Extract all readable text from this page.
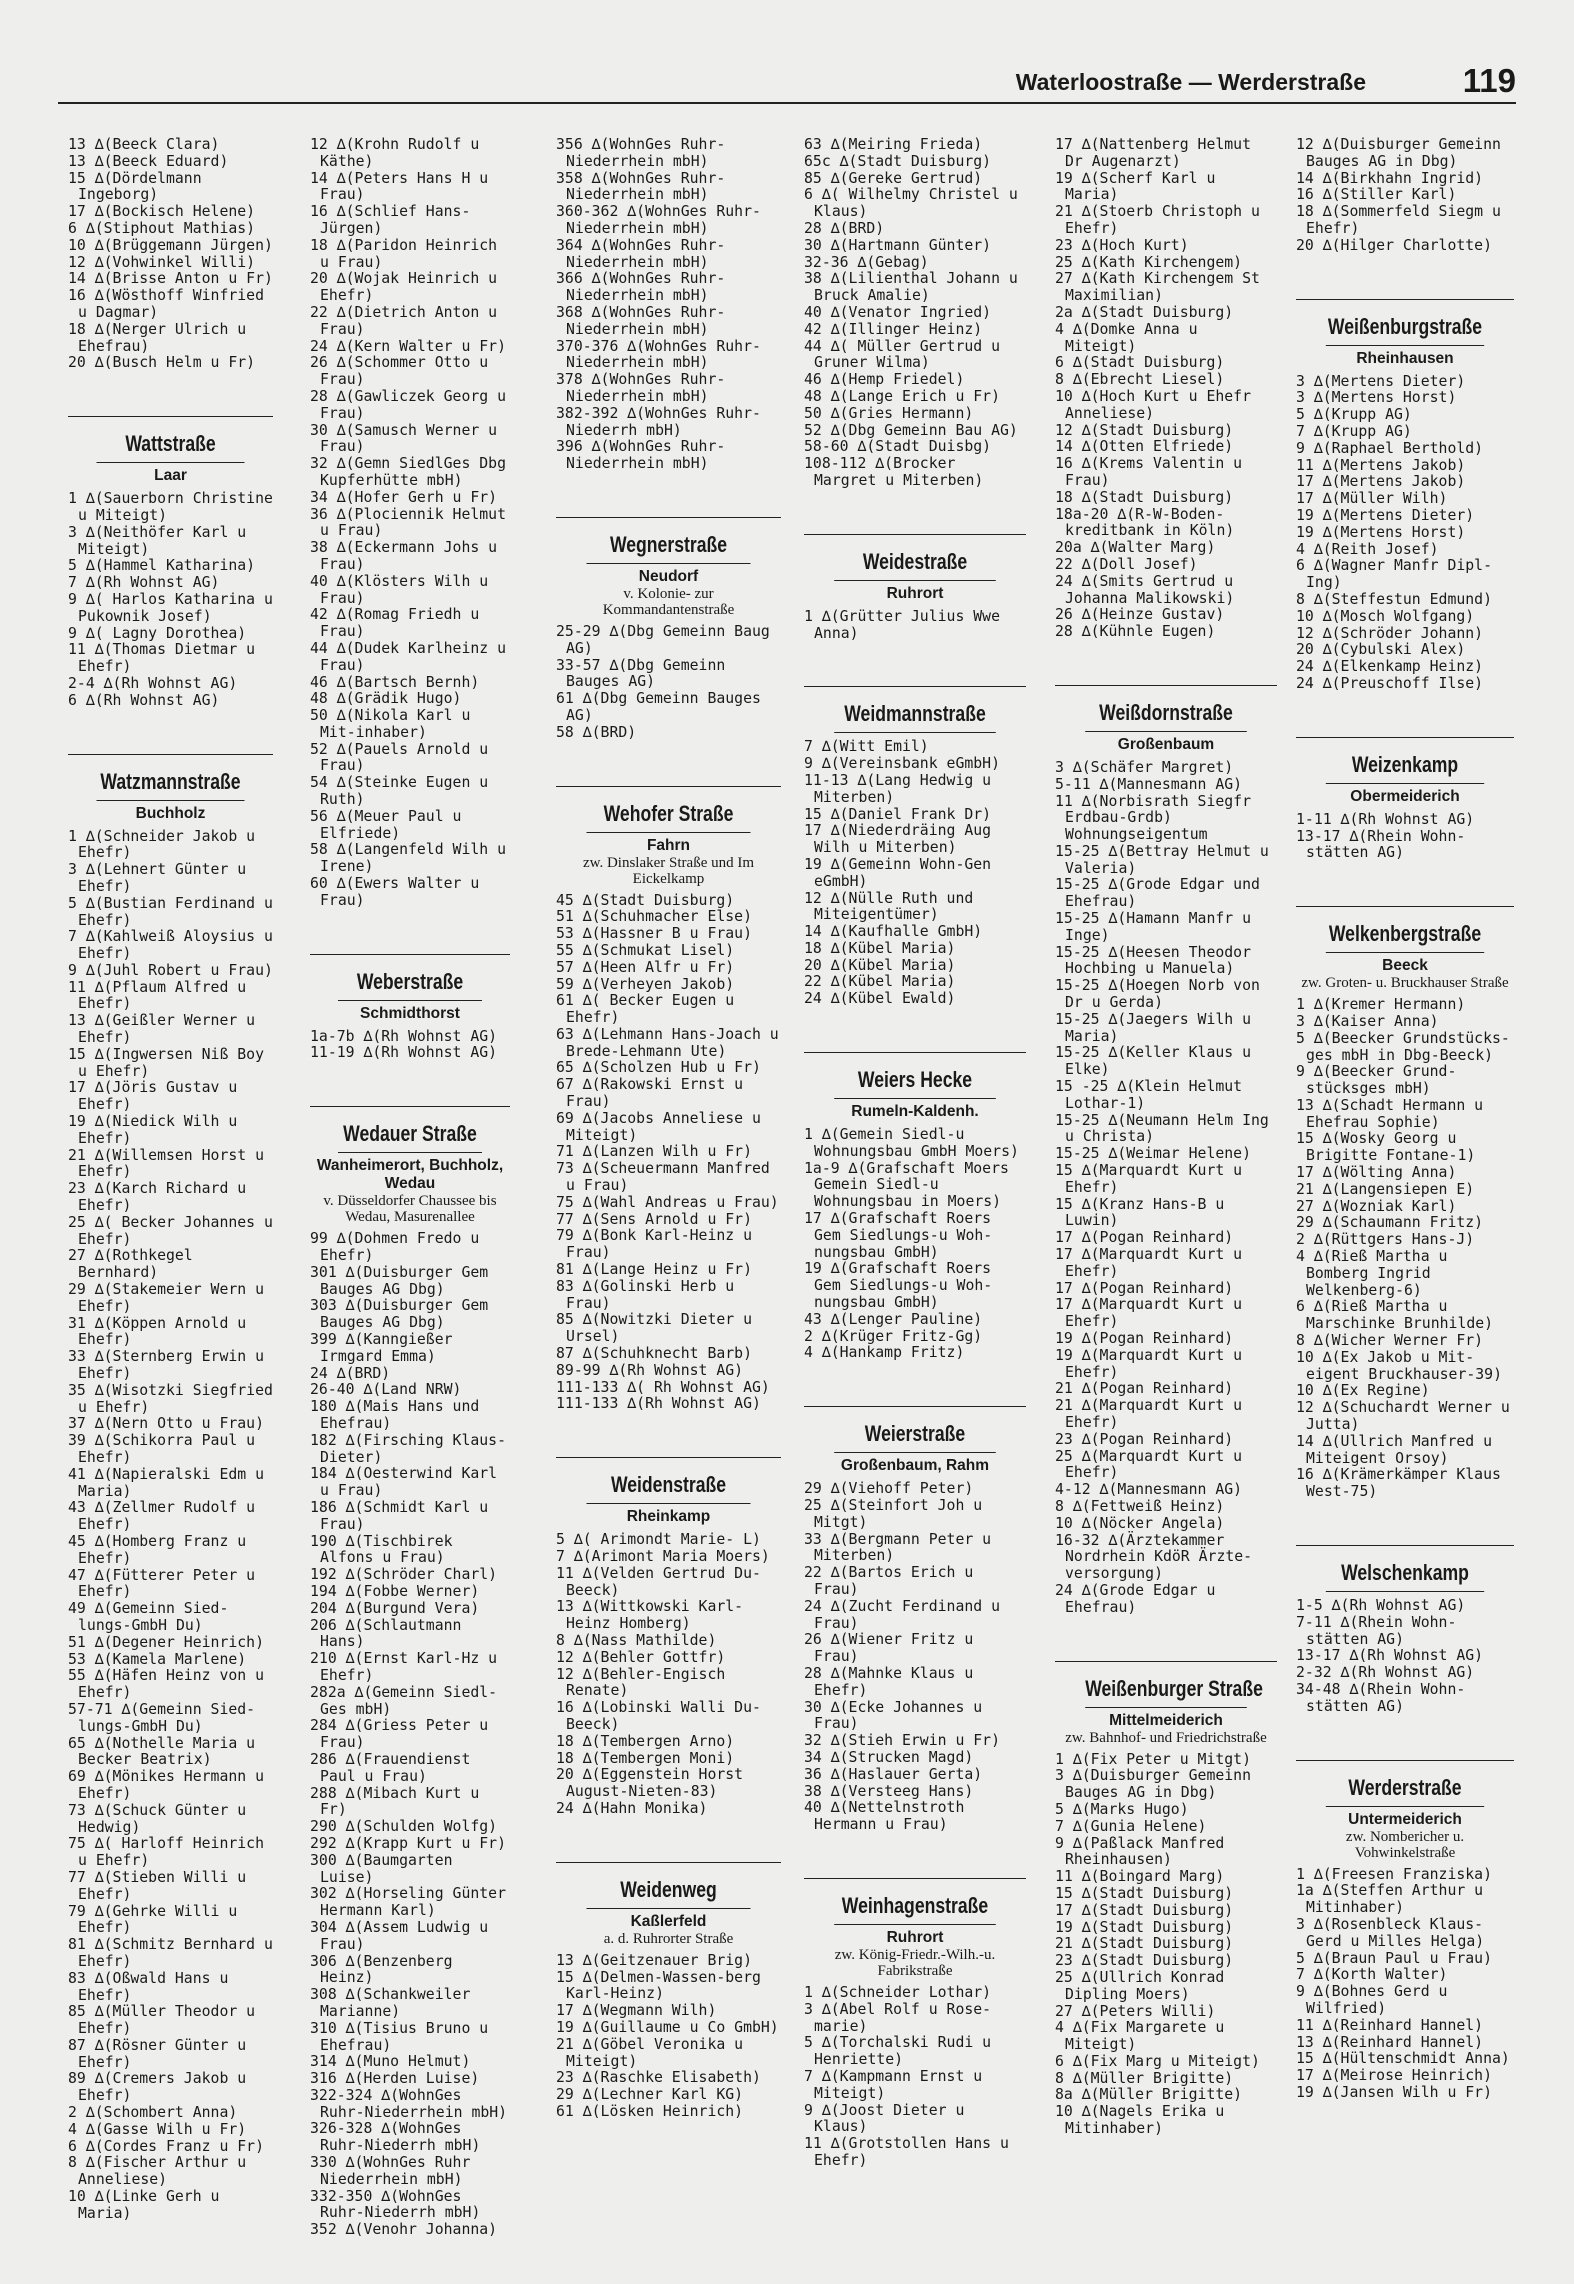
Waterloostraße — Werderstraße	119
13 ∆(Beeck Clara)
13 ∆(Beeck Eduard)
15 ∆(Dördelmann Ingeborg)
17 ∆(Bockisch Helene)
6 ∆(Stiphout Mathias)
10 ∆(Brüggemann Jürgen)
12 ∆(Vohwinkel Willi)
14 ∆(Brisse Anton u Fr)
16 ∆(Wösthoff Winfried u Dagmar)
18 ∆(Nerger Ulrich u Ehefrau)
20 ∆(Busch Helm u Fr)
Wattstraße
Laar
1 ∆(Sauerborn Christine u Miteigt)
3 ∆(Neithöfer Karl u Miteigt)
5 ∆(Hammel Katharina)
7 ∆(Rh Wohnst AG)
9 ∆( Harlos Katharina u Pukownik Josef)
9 ∆( Lagny Dorothea)
11 ∆(Thomas Dietmar u Ehefr)
2-4 ∆(Rh Wohnst AG)
6 ∆(Rh Wohnst AG)
Watzmannstraße
Buchholz
1 ∆(Schneider Jakob u Ehefr)
3 ∆(Lehnert Günter u Ehefr)
5 ∆(Bustian Ferdinand u Ehefr)
7 ∆(Kahlweiß Aloysius u Ehefr)
9 ∆(Juhl Robert u Frau)
11 ∆(Pflaum Alfred u Ehefr)
13 ∆(Geißler Werner u Ehefr)
15 ∆(Ingwersen Niß Boy u Ehefr)
17 ∆(Jöris Gustav u Ehefr)
19 ∆(Niedick Wilh u Ehefr)
21 ∆(Willemsen Horst u Ehefr)
23 ∆(Karch Richard u Ehefr)
25 ∆( Becker Johannes u Ehefr)
27 ∆(Rothkegel Bernhard)
29 ∆(Stakemeier Wern u Ehefr)
31 ∆(Köppen Arnold u Ehefr)
33 ∆(Sternberg Erwin u Ehefr)
35 ∆(Wisotzki Siegfried u Ehefr)
37 ∆(Nern Otto u Frau)
39 ∆(Schikorra Paul u Ehefr)
41 ∆(Napieralski Edm u Maria)
43 ∆(Zellmer Rudolf u Ehefr)
45 ∆(Homberg Franz u Ehefr)
47 ∆(Fütterer Peter u Ehefr)
49 ∆(Gemeinn Sied-lungs-GmbH Du)
51 ∆(Degener Heinrich)
53 ∆(Kamela Marlene)
55 ∆(Häfen Heinz von u Ehefr)
57-71 ∆(Gemeinn Sied-lungs-GmbH Du)
65 ∆(Nothelle Maria u Becker Beatrix)
69 ∆(Mönikes Hermann u Ehefr)
73 ∆(Schuck Günter u Hedwig)
75 ∆( Harloff Heinrich u Ehefr)
77 ∆(Stieben Willi u Ehefr)
79 ∆(Gehrke Willi u Ehefr)
81 ∆(Schmitz Bernhard u Ehefr)
83 ∆(Oßwald Hans u Ehefr)
85 ∆(Müller Theodor u Ehefr)
87 ∆(Rösner Günter u Ehefr)
89 ∆(Cremers Jakob u Ehefr)
2 ∆(Schombert Anna)
4 ∆(Gasse Wilh u Fr)
6 ∆(Cordes Franz u Fr)
8 ∆(Fischer Arthur u Anneliese)
10 ∆(Linke Gerh u Maria)
12 ∆(Krohn Rudolf u Käthe)
14 ∆(Peters Hans H u Frau)
16 ∆(Schlief Hans-Jürgen)
18 ∆(Paridon Heinrich u Frau)
20 ∆(Wojak Heinrich u Ehefr)
22 ∆(Dietrich Anton u Frau)
24 ∆(Kern Walter u Fr)
26 ∆(Schommer Otto u Frau)
28 ∆(Gawliczek Georg u Frau)
30 ∆(Samusch Werner u Frau)
32 ∆(Gemn SiedlGes Dbg Kupferhütte mbH)
34 ∆(Hofer Gerh u Fr)
36 ∆(Plociennik Helmut u Frau)
38 ∆(Eckermann Johs u Frau)
40 ∆(Klösters Wilh u Frau)
42 ∆(Romag Friedh u Frau)
44 ∆(Dudek Karlheinz u Frau)
46 ∆(Bartsch Bernh)
48 ∆(Grädik Hugo)
50 ∆(Nikola Karl u Mit-inhaber)
52 ∆(Pauels Arnold u Frau)
54 ∆(Steinke Eugen u Ruth)
56 ∆(Meuer Paul u Elfriede)
58 ∆(Langenfeld Wilh u Irene)
60 ∆(Ewers Walter u Frau)
Weberstraße
Schmidthorst
1a-7b ∆(Rh Wohnst AG)
11-19 ∆(Rh Wohnst AG)
Wedauer Straße
Wanheimerort, Buchholz, Wedau
v. Düsseldorfer Chaussee bis Wedau, Masurenallee
99 ∆(Dohmen Fredo u Ehefr)
301 ∆(Duisburger Gem Bauges AG Dbg)
303 ∆(Duisburger Gem Bauges AG Dbg)
399 ∆(Kanngießer Irmgard Emma)
24 ∆(BRD)
26-40 ∆(Land NRW)
180 ∆(Mais Hans und Ehefrau)
182 ∆(Firsching Klaus-Dieter)
184 ∆(Oesterwind Karl u Frau)
186 ∆(Schmidt Karl u Frau)
190 ∆(Tischbirek Alfons u Frau)
192 ∆(Schröder Charl)
194 ∆(Fobbe Werner)
204 ∆(Burgund Vera)
206 ∆(Schlautmann Hans)
210 ∆(Ernst Karl-Hz u Ehefr)
282a ∆(Gemeinn Siedl-Ges mbH)
284 ∆(Griess Peter u Frau)
286 ∆(Frauendienst Paul u Frau)
288 ∆(Mibach Kurt u Fr)
290 ∆(Schulden Wolfg)
292 ∆(Krapp Kurt u Fr)
300 ∆(Baumgarten Luise)
302 ∆(Horseling Günter Hermann Karl)
304 ∆(Assem Ludwig u Frau)
306 ∆(Benzenberg Heinz)
308 ∆(Schankweiler Marianne)
310 ∆(Tisius Bruno u Ehefrau)
314 ∆(Muno Helmut)
316 ∆(Herden Luise)
322-324 ∆(WohnGes Ruhr-Niederrhein mbH)
326-328 ∆(WohnGes Ruhr-Niederrh mbH)
330 ∆(WohnGes Ruhr Niederrhein mbH)
332-350 ∆(WohnGes Ruhr-Niederrh mbH)
352 ∆(Venohr Johanna)
356 ∆(WohnGes Ruhr-Niederrhein mbH)
358 ∆(WohnGes Ruhr-Niederrhein mbH)
360-362 ∆(WohnGes Ruhr-Niederrhein mbH)
364 ∆(WohnGes Ruhr-Niederrhein mbH)
366 ∆(WohnGes Ruhr-Niederrhein mbH)
368 ∆(WohnGes Ruhr-Niederrhein mbH)
370-376 ∆(WohnGes Ruhr-Niederrhein mbH)
378 ∆(WohnGes Ruhr-Niederrhein mbH)
382-392 ∆(WohnGes Ruhr-Niederrh mbH)
396 ∆(WohnGes Ruhr-Niederrhein mbH)
Wegnerstraße
Neudorf
v. Kolonie- zur Kommandantenstraße
25-29 ∆(Dbg Gemeinn Baug AG)
33-57 ∆(Dbg Gemeinn Bauges AG)
61 ∆(Dbg Gemeinn Bauges AG)
58 ∆(BRD)
Wehofer Straße
Fahrn
zw. Dinslaker Straße und Im Eickelkamp
45 ∆(Stadt Duisburg)
51 ∆(Schuhmacher Else)
53 ∆(Hassner B u Frau)
55 ∆(Schmukat Lisel)
57 ∆(Heen Alfr u Fr)
59 ∆(Verheyen Jakob)
61 ∆( Becker Eugen u Ehefr)
63 ∆(Lehmann Hans-Joach u Brede-Lehmann Ute)
65 ∆(Scholzen Hub u Fr)
67 ∆(Rakowski Ernst u Frau)
69 ∆(Jacobs Anneliese u Miteigt)
71 ∆(Lanzen Wilh u Fr)
73 ∆(Scheuermann Manfred u Frau)
75 ∆(Wahl Andreas u Frau)
77 ∆(Sens Arnold u Fr)
79 ∆(Bonk Karl-Heinz u Frau)
81 ∆(Lange Heinz u Fr)
83 ∆(Golinski Herb u Frau)
85 ∆(Nowitzki Dieter u Ursel)
87 ∆(Schuhknecht Barb)
89-99 ∆(Rh Wohnst AG)
111-133 ∆( Rh Wohnst AG)
111-133 ∆(Rh Wohnst AG)
Weidenstraße
Rheinkamp
5 ∆( Arimondt Marie- L)
7 ∆(Arimont Maria Moers)
11 ∆(Velden Gertrud Du-Beeck)
13 ∆(Wittkowski Karl-Heinz Homberg)
8 ∆(Nass Mathilde)
12 ∆(Behler Gottfr)
12 ∆(Behler-Engisch Renate)
16 ∆(Lobinski Walli Du-Beeck)
18 ∆(Tembergen Arno)
18 ∆(Tembergen Moni)
20 ∆(Eggenstein Horst August-Nieten-83)
24 ∆(Hahn Monika)
Weidenweg
Kaßlerfeld
a. d. Ruhrorter Straße
13 ∆(Geitzenauer Brig)
15 ∆(Delmen-Wassen-berg Karl-Heinz)
17 ∆(Wegmann Wilh)
19 ∆(Guillaume u Co GmbH)
21 ∆(Göbel Veronika u Miteigt)
23 ∆(Raschke Elisabeth)
29 ∆(Lechner Karl KG)
61 ∆(Lösken Heinrich)
63 ∆(Meiring Frieda)
65c ∆(Stadt Duisburg)
85 ∆(Gereke Gertrud)
6 ∆( Wilhelmy Christel u Klaus)
28 ∆(BRD)
30 ∆(Hartmann Günter)
32-36 ∆(Gebag)
38 ∆(Lilienthal Johann u Bruck Amalie)
40 ∆(Venator Ingried)
42 ∆(Illinger Heinz)
44 ∆( Müller Gertrud u Gruner Wilma)
46 ∆(Hemp Friedel)
48 ∆(Lange Erich u Fr)
50 ∆(Gries Hermann)
52 ∆(Dbg Gemeinn Bau AG)
58-60 ∆(Stadt Duisbg)
108-112 ∆(Brocker Margret u Miterben)
Weidestraße
Ruhrort
1 ∆(Grütter Julius Wwe Anna)
Weidmannstraße
7 ∆(Witt Emil)
9 ∆(Vereinsbank eGmbH)
11-13 ∆(Lang Hedwig u Miterben)
15 ∆(Daniel Frank Dr)
17 ∆(Niederdräing Aug Wilh u Miterben)
19 ∆(Gemeinn Wohn-Gen eGmbH)
12 ∆(Nülle Ruth und Miteigentümer)
14 ∆(Kaufhalle GmbH)
18 ∆(Kübel Maria)
20 ∆(Kübel Maria)
22 ∆(Kübel Maria)
24 ∆(Kübel Ewald)
Weiers Hecke
Rumeln-Kaldenh.
1 ∆(Gemein Siedl-u Wohnungsbau GmbH Moers)
1a-9 ∆(Grafschaft Moers Gemein Siedl-u Wohnungsbau in Moers)
17 ∆(Grafschaft Roers Gem Siedlungs-u Woh-nungsbau GmbH)
19 ∆(Grafschaft Roers Gem Siedlungs-u Woh-nungsbau GmbH)
43 ∆(Lenger Pauline)
2 ∆(Krüger Fritz-Gg)
4 ∆(Hankamp Fritz)
Weierstraße
Großenbaum, Rahm
29 ∆(Viehoff Peter)
25 ∆(Steinfort Joh u Mitgt)
33 ∆(Bergmann Peter u Miterben)
22 ∆(Bartos Erich u Frau)
24 ∆(Zucht Ferdinand u Frau)
26 ∆(Wiener Fritz u Frau)
28 ∆(Mahnke Klaus u Ehefr)
30 ∆(Ecke Johannes u Frau)
32 ∆(Stieh Erwin u Fr)
34 ∆(Strucken Magd)
36 ∆(Haslauer Gerta)
38 ∆(Versteeg Hans)
40 ∆(Nettelnstroth Hermann u Frau)
Weinhagenstraße
Ruhrort
zw. König-Friedr.-Wilh.-u. Fabrikstraße
1 ∆(Schneider Lothar)
3 ∆(Abel Rolf u Rose-marie)
5 ∆(Torchalski Rudi u Henriette)
7 ∆(Kampmann Ernst u Miteigt)
9 ∆(Joost Dieter u Klaus)
11 ∆(Grotstollen Hans u Ehefr)
17 ∆(Nattenberg Helmut Dr Augenarzt)
19 ∆(Scherf Karl u Maria)
21 ∆(Stoerb Christoph u Ehefr)
23 ∆(Hoch Kurt)
25 ∆(Kath Kirchengem)
27 ∆(Kath Kirchengem St Maximilian)
2a ∆(Stadt Duisburg)
4 ∆(Domke Anna u Miteigt)
6 ∆(Stadt Duisburg)
8 ∆(Ebrecht Liesel)
10 ∆(Hoch Kurt u Ehefr Anneliese)
12 ∆(Stadt Duisburg)
14 ∆(Otten Elfriede)
16 ∆(Krems Valentin u Frau)
18 ∆(Stadt Duisburg)
18a-20 ∆(R-W-Boden-kreditbank in Köln)
20a ∆(Walter Marg)
22 ∆(Doll Josef)
24 ∆(Smits Gertrud u Johanna Malikowski)
26 ∆(Heinze Gustav)
28 ∆(Kühnle Eugen)
Weißdornstraße
Großenbaum
3 ∆(Schäfer Margret)
5-11 ∆(Mannesmann AG)
11 ∆(Norbisrath Siegfr Erdbau-Grdb) Wohnungseigentum
15-25 ∆(Bettray Helmut u Valeria)
15-25 ∆(Grode Edgar und Ehefrau)
15-25 ∆(Hamann Manfr u Inge)
15-25 ∆(Heesen Theodor Hochbing u Manuela)
15-25 ∆(Hoegen Norb von Dr u Gerda)
15-25 ∆(Jaegers Wilh u Maria)
15-25 ∆(Keller Klaus u Elke)
15 -25 ∆(Klein Helmut Lothar-1)
15-25 ∆(Neumann Helm Ing u Christa)
15-25 ∆(Weimar Helene)
15 ∆(Marquardt Kurt u Ehefr)
15 ∆(Kranz Hans-B u Luwin)
17 ∆(Pogan Reinhard)
17 ∆(Marquardt Kurt u Ehefr)
17 ∆(Pogan Reinhard)
17 ∆(Marquardt Kurt u Ehefr)
19 ∆(Pogan Reinhard)
19 ∆(Marquardt Kurt u Ehefr)
21 ∆(Pogan Reinhard)
21 ∆(Marquardt Kurt u Ehefr)
23 ∆(Pogan Reinhard)
25 ∆(Marquardt Kurt u Ehefr)
4-12 ∆(Mannesmann AG)
8 ∆(Fettweiß Heinz)
10 ∆(Nöcker Angela)
16-32 ∆(Ärztekammer Nordrhein KdöR Ärzte-versorgung)
24 ∆(Grode Edgar u Ehefrau)
Weißenburger Straße
Mittelmeiderich
zw. Bahnhof- und Friedrichstraße
1 ∆(Fix Peter u Mitgt)
3 ∆(Duisburger Gemeinn Bauges AG in Dbg)
5 ∆(Marks Hugo)
7 ∆(Gunia Helene)
9 ∆(Paßlack Manfred Rheinhausen)
11 ∆(Boingard Marg)
15 ∆(Stadt Duisburg)
17 ∆(Stadt Duisburg)
19 ∆(Stadt Duisburg)
21 ∆(Stadt Duisburg)
23 ∆(Stadt Duisburg)
25 ∆(Ullrich Konrad Dipling Moers)
27 ∆(Peters Willi)
4 ∆(Fix Margarete u Miteigt)
6 ∆(Fix Marg u Miteigt)
8 ∆(Müller Brigitte)
8a ∆(Müller Brigitte)
10 ∆(Nagels Erika u Mitinhaber)
12 ∆(Duisburger Gemeinn Bauges AG in Dbg)
14 ∆(Birkhahn Ingrid)
16 ∆(Stiller Karl)
18 ∆(Sommerfeld Siegm u Ehefr)
20 ∆(Hilger Charlotte)
Weißenburgstraße
Rheinhausen
3 ∆(Mertens Dieter)
3 ∆(Mertens Horst)
5 ∆(Krupp AG)
7 ∆(Krupp AG)
9 ∆(Raphael Berthold)
11 ∆(Mertens Jakob)
17 ∆(Mertens Jakob)
17 ∆(Müller Wilh)
19 ∆(Mertens Dieter)
19 ∆(Mertens Horst)
4 ∆(Reith Josef)
6 ∆(Wagner Manfr Dipl-Ing)
8 ∆(Steffestun Edmund)
10 ∆(Mosch Wolfgang)
12 ∆(Schröder Johann)
20 ∆(Cybulski Alex)
24 ∆(Elkenkamp Heinz)
24 ∆(Preuschoff Ilse)
Weizenkamp
Obermeiderich
1-11 ∆(Rh Wohnst AG)
13-17 ∆(Rhein Wohn-stätten AG)
Welkenbergstraße
Beeck
zw. Groten- u. Bruckhauser Straße
1 ∆(Kremer Hermann)
3 ∆(Kaiser Anna)
5 ∆(Beecker Grundstücks-ges mbH in Dbg-Beeck)
9 ∆(Beecker Grund-stücksges mbH)
13 ∆(Schadt Hermann u Ehefrau Sophie)
15 ∆(Wosky Georg u Brigitte Fontane-1)
17 ∆(Wölting Anna)
21 ∆(Langensiepen E)
27 ∆(Wozniak Karl)
29 ∆(Schaumann Fritz)
2 ∆(Rüttgers Hans-J)
4 ∆(Rieß Martha u Bomberg Ingrid Welkenberg-6)
6 ∆(Rieß Martha u Marschinke Brunhilde)
8 ∆(Wicher Werner Fr)
10 ∆(Ex Jakob u Mit-eigent Bruckhauser-39)
10 ∆(Ex Regine)
12 ∆(Schuchardt Werner u Jutta)
14 ∆(Ullrich Manfred u Miteigent Orsoy)
16 ∆(Krämerkämper Klaus West-75)
Welschenkamp
1-5 ∆(Rh Wohnst AG)
7-11 ∆(Rhein Wohn-stätten AG)
13-17 ∆(Rh Wohnst AG)
2-32 ∆(Rh Wohnst AG)
34-48 ∆(Rhein Wohn-stätten AG)
Werderstraße
Untermeiderich
zw. Nombericher u. Vohwinkelstraße
1 ∆(Freesen Franziska)
1a ∆(Steffen Arthur u Mitinhaber)
3 ∆(Rosenbleck Klaus-Gerd u Milles Helga)
5 ∆(Braun Paul u Frau)
7 ∆(Korth Walter)
9 ∆(Bohnes Gerd u Wilfried)
11 ∆(Reinhard Hannel)
13 ∆(Reinhard Hannel)
15 ∆(Hültenschmidt Anna)
17 ∆(Meirose Heinrich)
19 ∆(Jansen Wilh u Fr)
